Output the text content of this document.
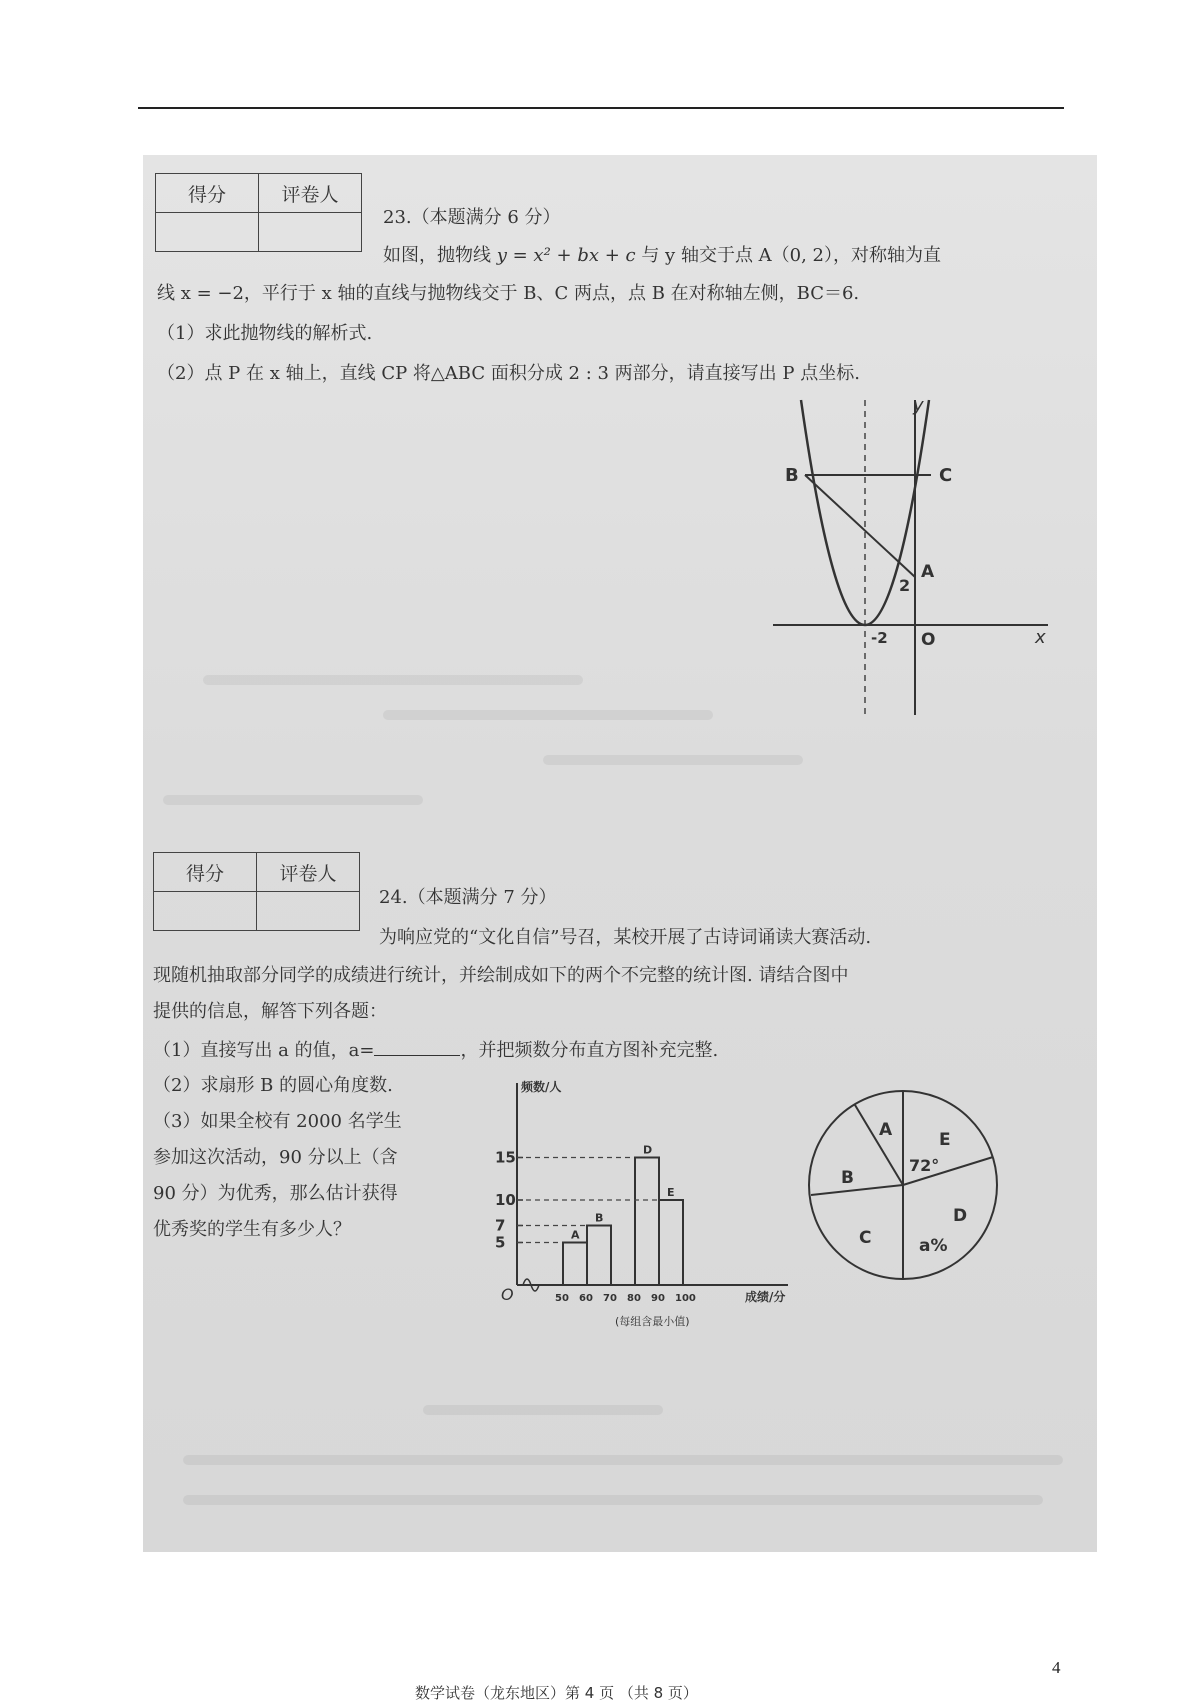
得分	评卷人

23.（本题满分 6 分）
如图，抛物线 y = x² + bx + c 与 y 轴交于点 A（0, 2），对称轴为直
线 x = −2，平行于 x 轴的直线与抛物线交于 B、C 两点，点 B 在对称轴左侧，BC＝6.
（1）求此抛物线的解析式.
（2）点 P 在 x 轴上，直线 CP 将△ABC 面积分成 2 : 3 两部分，请直接写出 P 点坐标.
y
x
O
B	C
A
2
-2
得分	评卷人

24.（本题满分 7 分）
为响应党的“文化自信”号召，某校开展了古诗词诵读大赛活动.
现随机抽取部分同学的成绩进行统计，并绘制成如下的两个不完整的统计图. 请结合图中
提供的信息，解答下列各题：
（1）直接写出 a 的值，a=	，并把频数分布直方图补充完整.
（2）求扇形 B 的圆心角度数.
（3）如果全校有 2000 名学生
参加这次活动，90 分以上（含
90 分）为优秀，那么估计获得
优秀奖的学生有多少人？
频数/人
成绩/分
O
(每组含最小值)
5
7
10
15
A
B
D
E
50 60 70 80 90 100
A
B
C
D
E
72°
a%
数学试卷（龙东地区）第 4 页 （共 8 页）
4
